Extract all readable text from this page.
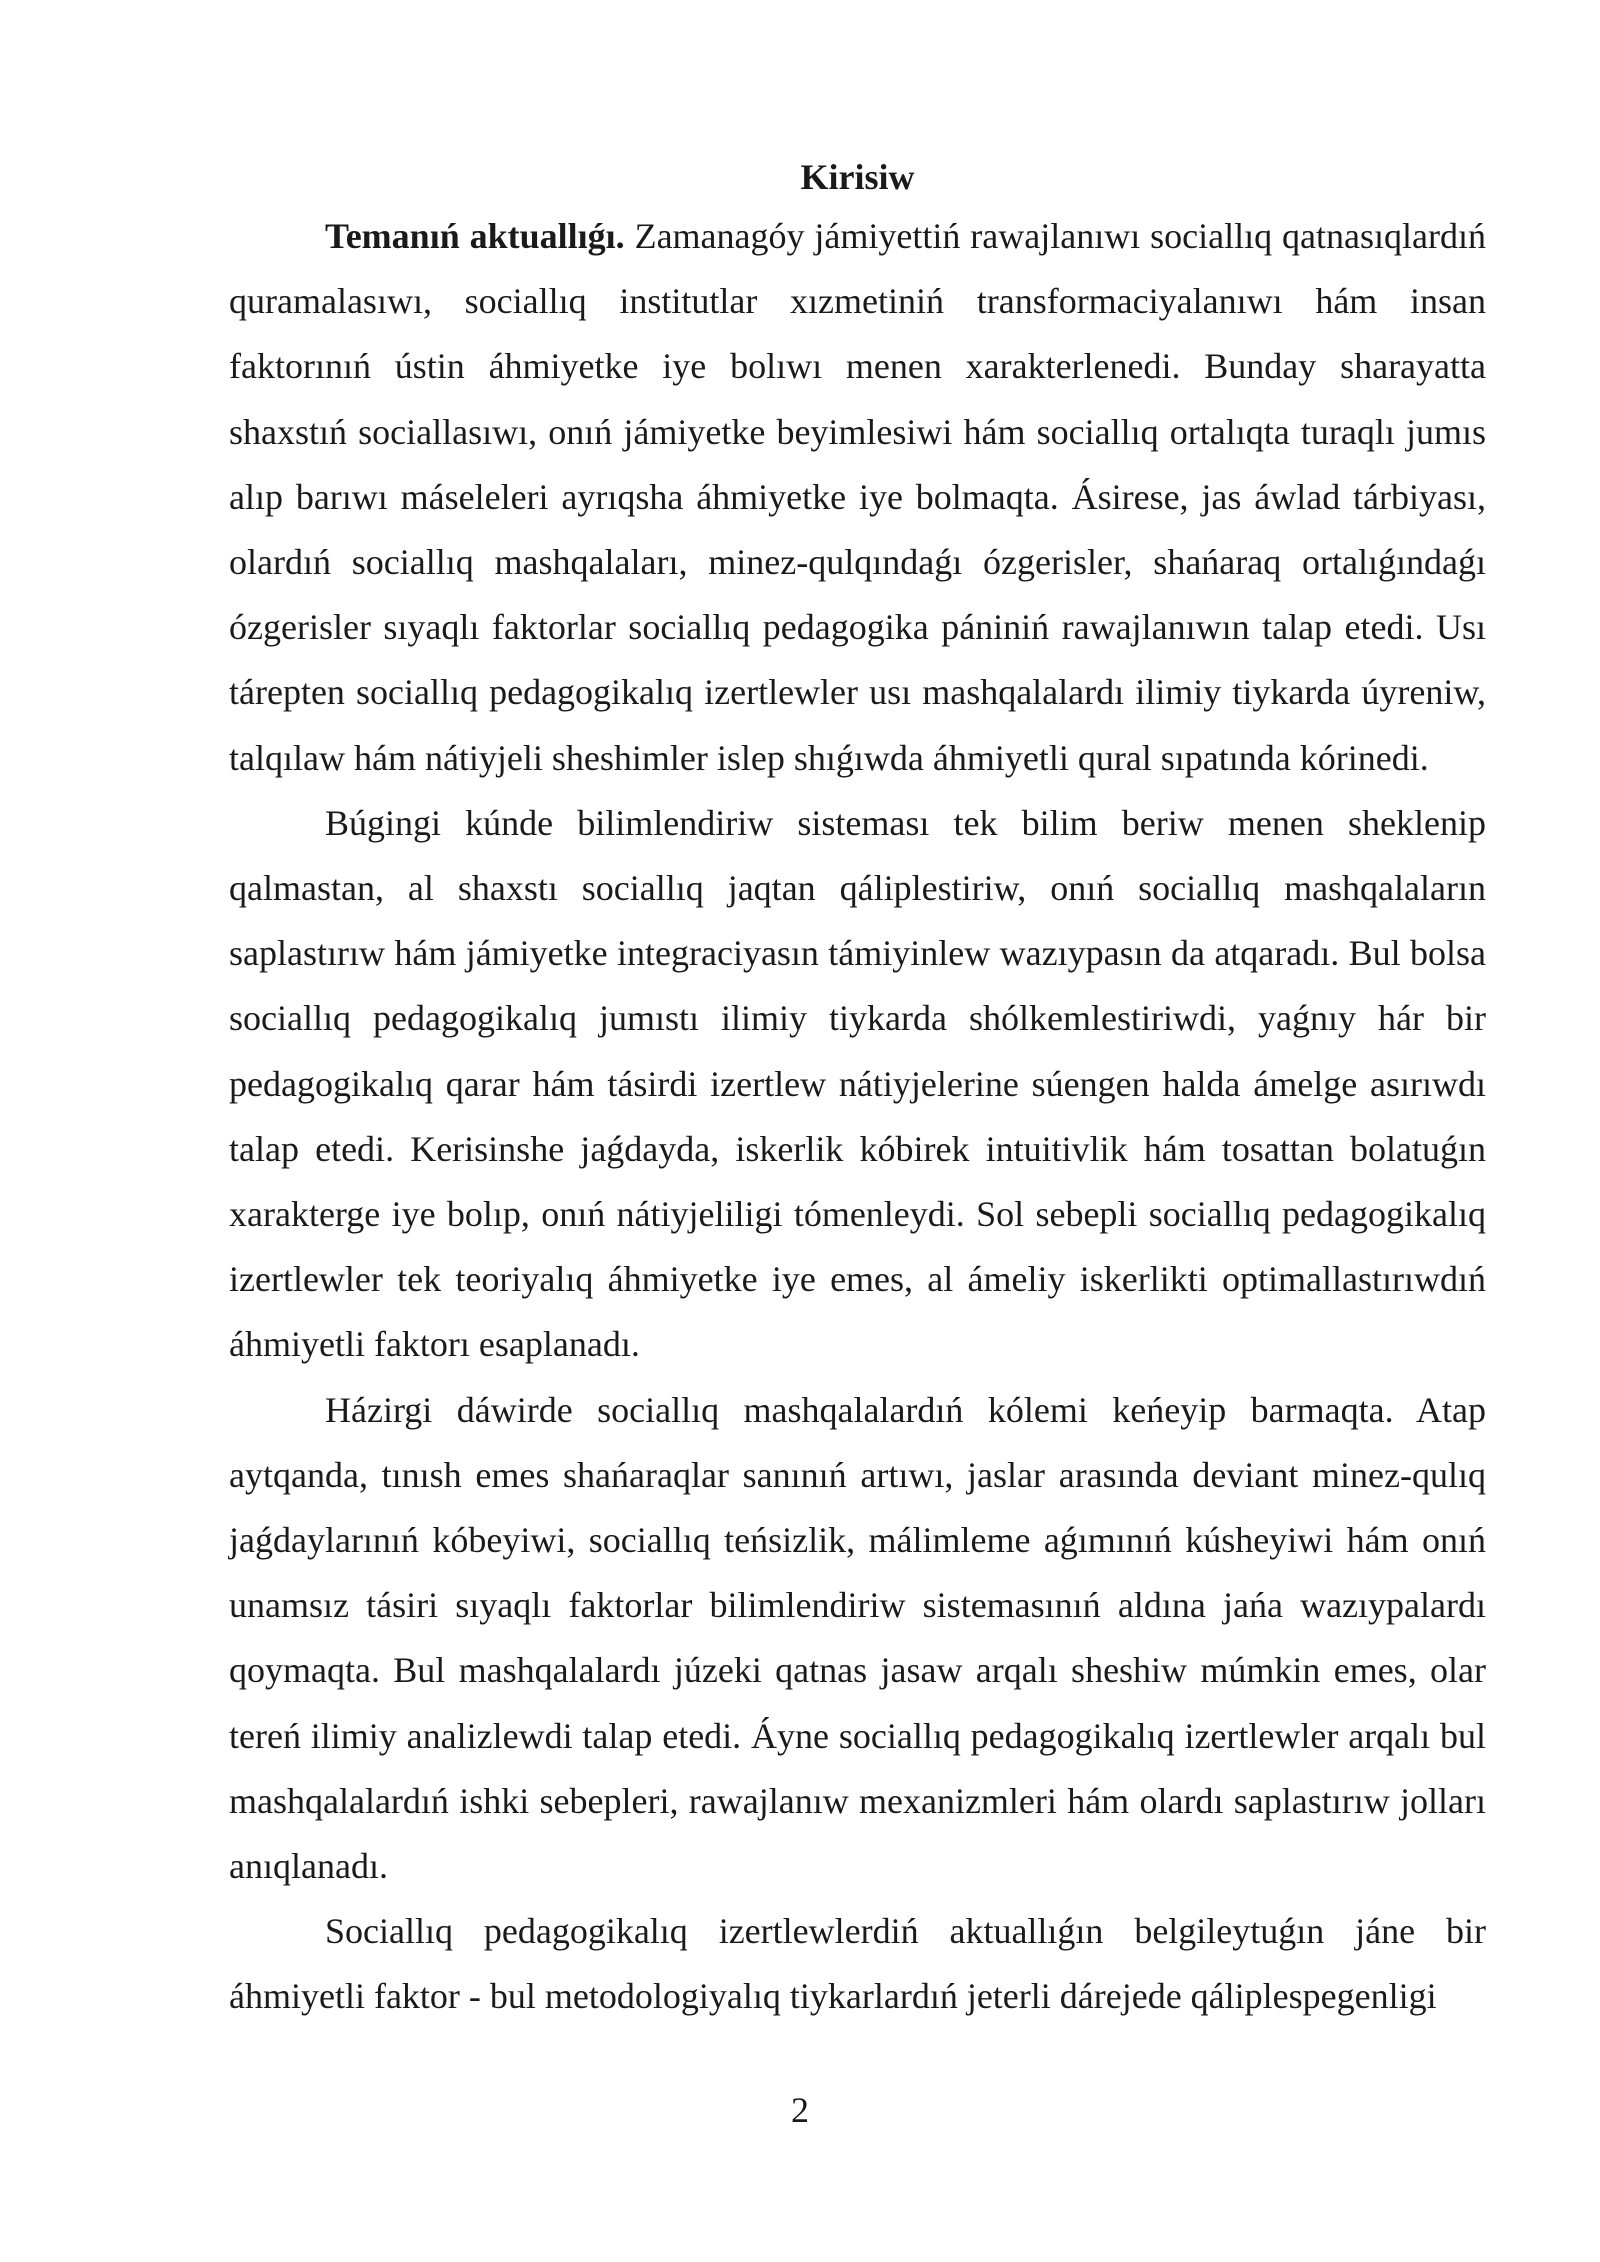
Kirisiw

Temanıń aktuallıǵı. Zamanagóy jámiyettiń rawajlanıwı sociallıq qatnasıqlardıń quramalasıwı, sociallıq institutlar xızmetiniń transformaciyalanıwı hám insan faktorınıń ústin áhmiyetke iye bolıwı menen xarakterlenedi. Bunday sharayatta shaxstıń sociallasıwı, onıń jámiyetke beyimlesiwi hám sociallıq ortalıqta turaqlı jumıs alıp barıwı máseleleri ayrıqsha áhmiyetke iye bolmaqta. Ásirese, jas áwlad tárbiyası, olardıń sociallıq mashqalaları, minez-qulqındaǵı ózgerisler, shańaraq ortalıǵındaǵı ózgerisler sıyaqlı faktorlar sociallıq pedagogika pániniń rawajlanıwın talap etedi. Usı tárepten sociallıq pedagogikalıq izertlewler usı mashqalalardı ilimiy tiykarda úyreniw, talqılaw hám nátiyjeli sheshimler islep shıǵıwda áhmiyetli qural sıpatında kórinedi.

Búgingi kúnde bilimlendiriw sisteması tek bilim beriw menen sheklenip qalmastan, al shaxstı sociallıq jaqtan qáliplestiriw, onıń sociallıq mashqalaların saplastırıw hám jámiyetke integraciyasın támiyinlew wazıypasın da atqaradı. Bul bolsa sociallıq pedagogikalıq jumıstı ilimiy tiykarda shólkemlestiriwdi, yaǵnıy hár bir pedagogikalıq qarar hám tásirdi izertlew nátiyjelerine súengen halda ámelge asırıwdı talap etedi. Kerisinshe jaǵdayda, iskerlik kóbirek intuitivlik hám tosattan bolatuǵın xarakterge iye bolıp, onıń nátiyjeliligi tómenleydi. Sol sebepli sociallıq pedagogikalıq izertlewler tek teoriyalıq áhmiyetke iye emes, al ámeliy iskerlikti optimallastırıwdıń áhmiyetli faktorı esaplanadı.

Házirgi dáwirde sociallıq mashqalalardıń kólemi keńeyip barmaqta. Atap aytqanda, tınısh emes shańaraqlar sanınıń artıwı, jaslar arasında deviant minez-qulıq jaǵdaylarınıń kóbeyiwi, sociallıq teńsizlik, málimleme aǵımınıń kúsheyiwi hám onıń unamsız tásiri sıyaqlı faktorlar bilimlendiriw sistemasınıń aldına jańa wazıypalardı qoymaqta. Bul mashqalalardı júzeki qatnas jasaw arqalı sheshiw múmkin emes, olar tereń ilimiy analizlewdi talap etedi. Áyne sociallıq pedagogikalıq izertlewler arqalı bul mashqalalardıń ishki sebepleri, rawajlanıw mexanizmleri hám olardı saplastırıw jolları anıqlanadı.

Sociallıq pedagogikalıq izertlewlerdiń aktuallıǵın belgileytuǵın jáne bir áhmiyetli faktor - bul metodologiyalıq tiykarlardıń jeterli dárejede qáliplespegenligi

2
